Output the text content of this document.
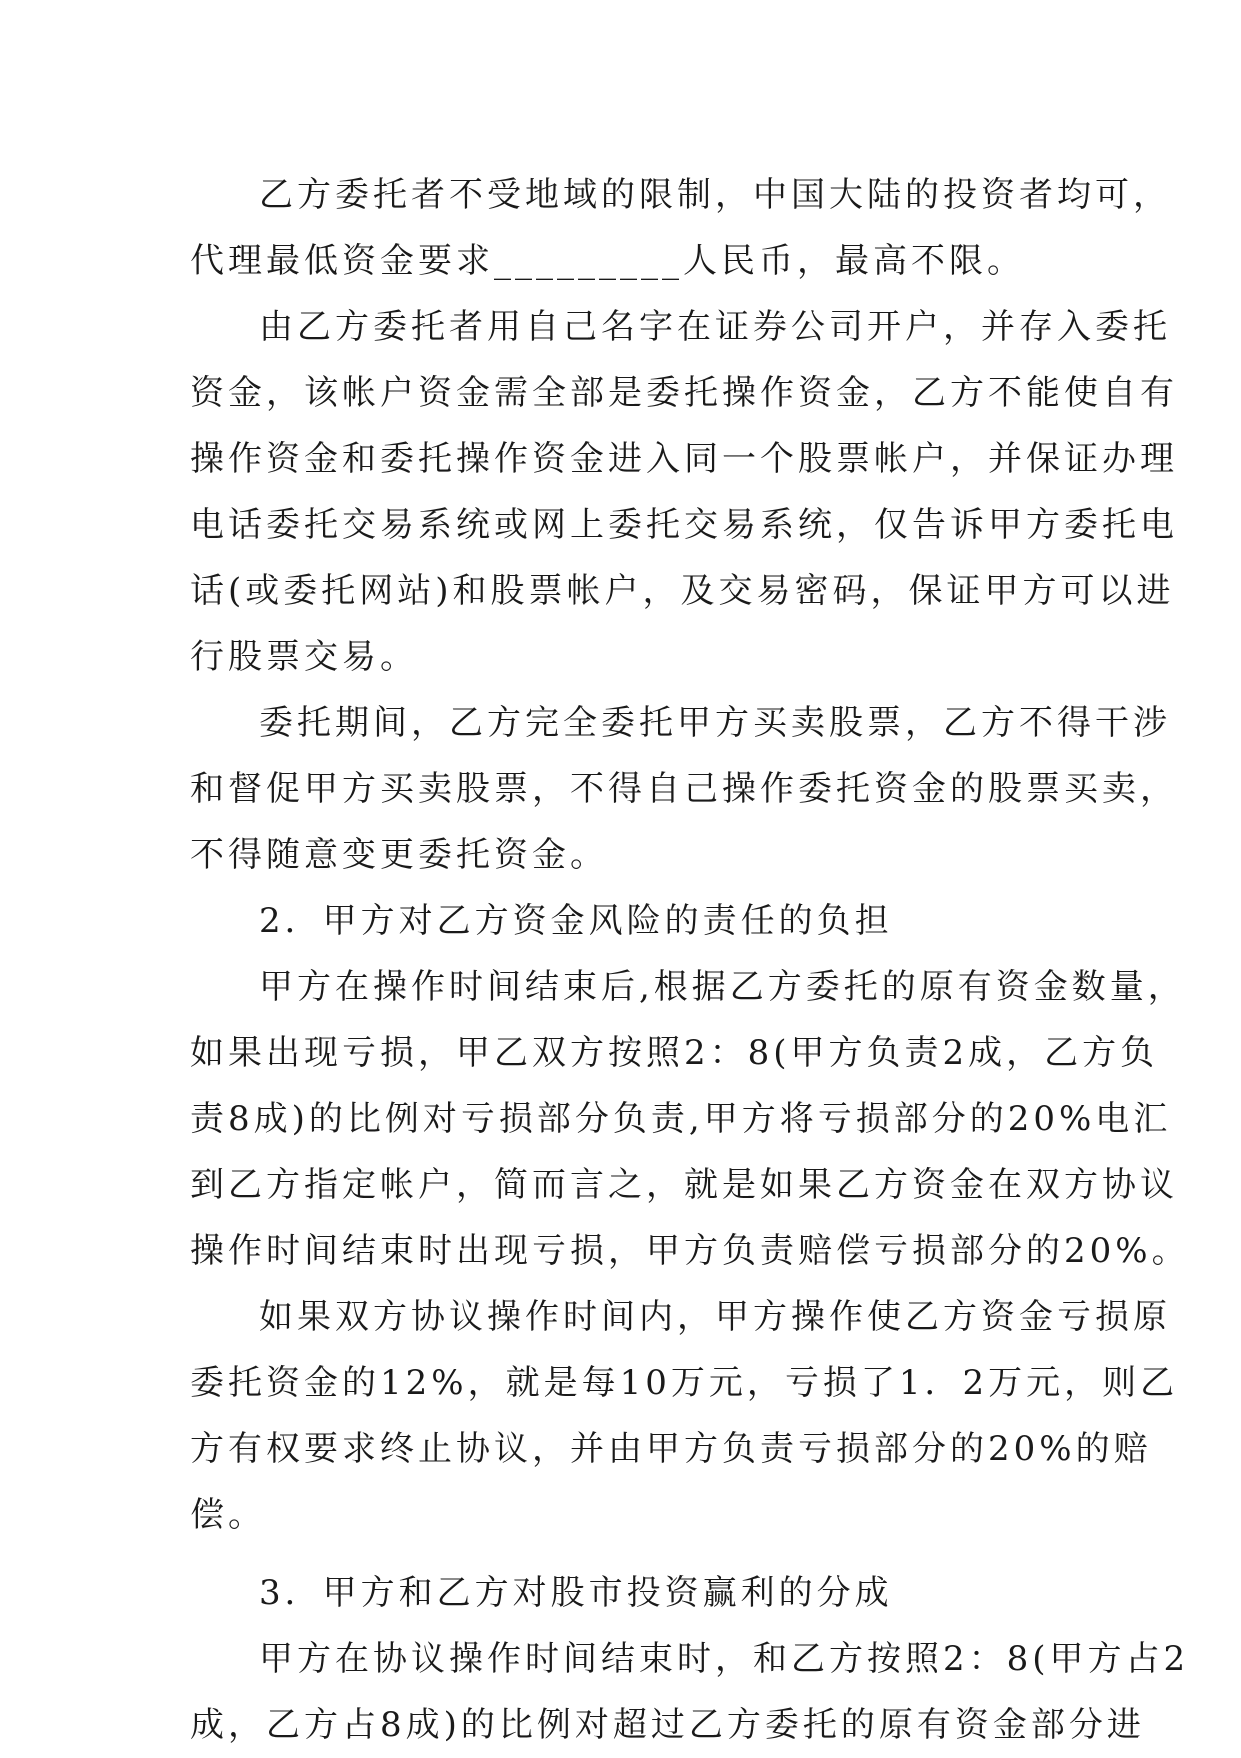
乙方委托者不受地域的限制，中国大陆的投资者均可，
代理最低资金要求_________人民币，最高不限。
由乙方委托者用自己名字在证券公司开户，并存入委托
资金，该帐户资金需全部是委托操作资金，乙方不能使自有
操作资金和委托操作资金进入同一个股票帐户，并保证办理
电话委托交易系统或网上委托交易系统，仅告诉甲方委托电
话(或委托网站)和股票帐户，及交易密码，保证甲方可以进
行股票交易。
委托期间，乙方完全委托甲方买卖股票，乙方不得干涉
和督促甲方买卖股票，不得自己操作委托资金的股票买卖，
不得随意变更委托资金。
2．甲方对乙方资金风险的责任的负担
甲方在操作时间结束后,根据乙方委托的原有资金数量，
如果出现亏损，甲乙双方按照2：8(甲方负责2成，乙方负
责8成)的比例对亏损部分负责,甲方将亏损部分的20%电汇
到乙方指定帐户，简而言之，就是如果乙方资金在双方协议
操作时间结束时出现亏损，甲方负责赔偿亏损部分的20%。
如果双方协议操作时间内，甲方操作使乙方资金亏损原
委托资金的12%，就是每10万元，亏损了1．2万元，则乙
方有权要求终止协议，并由甲方负责亏损部分的20%的赔
偿。
3．甲方和乙方对股市投资赢利的分成
甲方在协议操作时间结束时，和乙方按照2：8(甲方占2
成，乙方占8成)的比例对超过乙方委托的原有资金部分进
